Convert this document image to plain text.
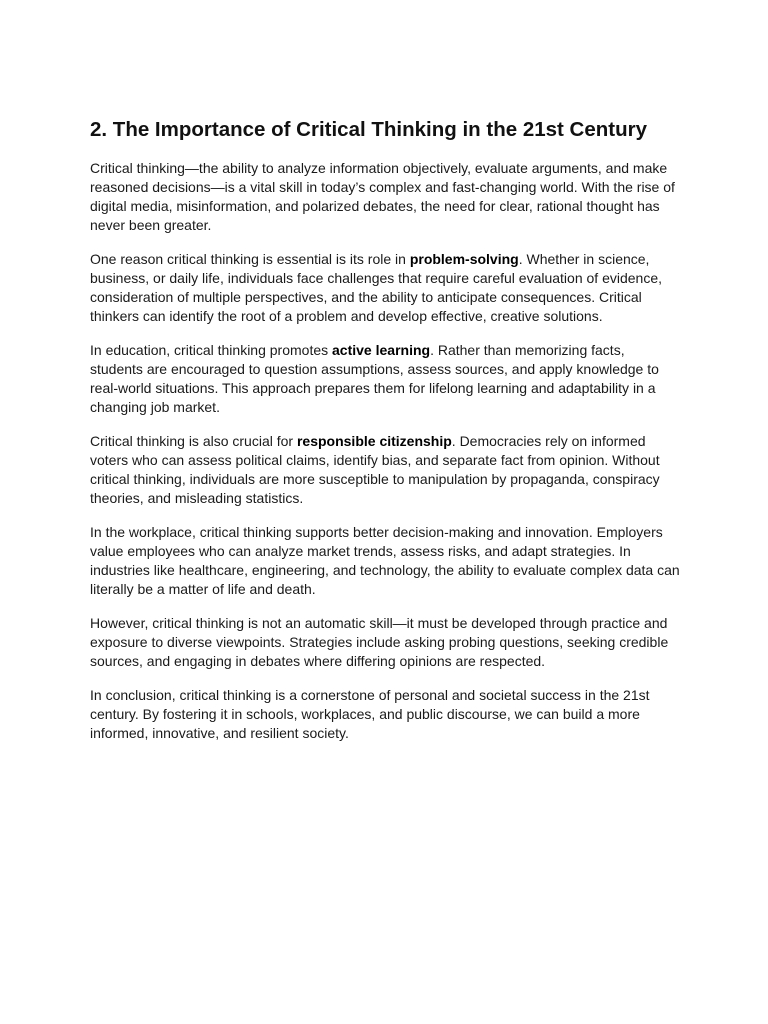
2. The Importance of Critical Thinking in the 21st Century

Critical thinking—the ability to analyze information objectively, evaluate arguments, and make reasoned decisions—is a vital skill in today’s complex and fast-changing world. With the rise of digital media, misinformation, and polarized debates, the need for clear, rational thought has never been greater.

One reason critical thinking is essential is its role in problem-solving. Whether in science, business, or daily life, individuals face challenges that require careful evaluation of evidence, consideration of multiple perspectives, and the ability to anticipate consequences. Critical thinkers can identify the root of a problem and develop effective, creative solutions.

In education, critical thinking promotes active learning. Rather than memorizing facts, students are encouraged to question assumptions, assess sources, and apply knowledge to real-world situations. This approach prepares them for lifelong learning and adaptability in a changing job market.

Critical thinking is also crucial for responsible citizenship. Democracies rely on informed voters who can assess political claims, identify bias, and separate fact from opinion. Without critical thinking, individuals are more susceptible to manipulation by propaganda, conspiracy theories, and misleading statistics.

In the workplace, critical thinking supports better decision-making and innovation. Employers value employees who can analyze market trends, assess risks, and adapt strategies. In industries like healthcare, engineering, and technology, the ability to evaluate complex data can literally be a matter of life and death.

However, critical thinking is not an automatic skill—it must be developed through practice and exposure to diverse viewpoints. Strategies include asking probing questions, seeking credible sources, and engaging in debates where differing opinions are respected.

In conclusion, critical thinking is a cornerstone of personal and societal success in the 21st century. By fostering it in schools, workplaces, and public discourse, we can build a more informed, innovative, and resilient society.
